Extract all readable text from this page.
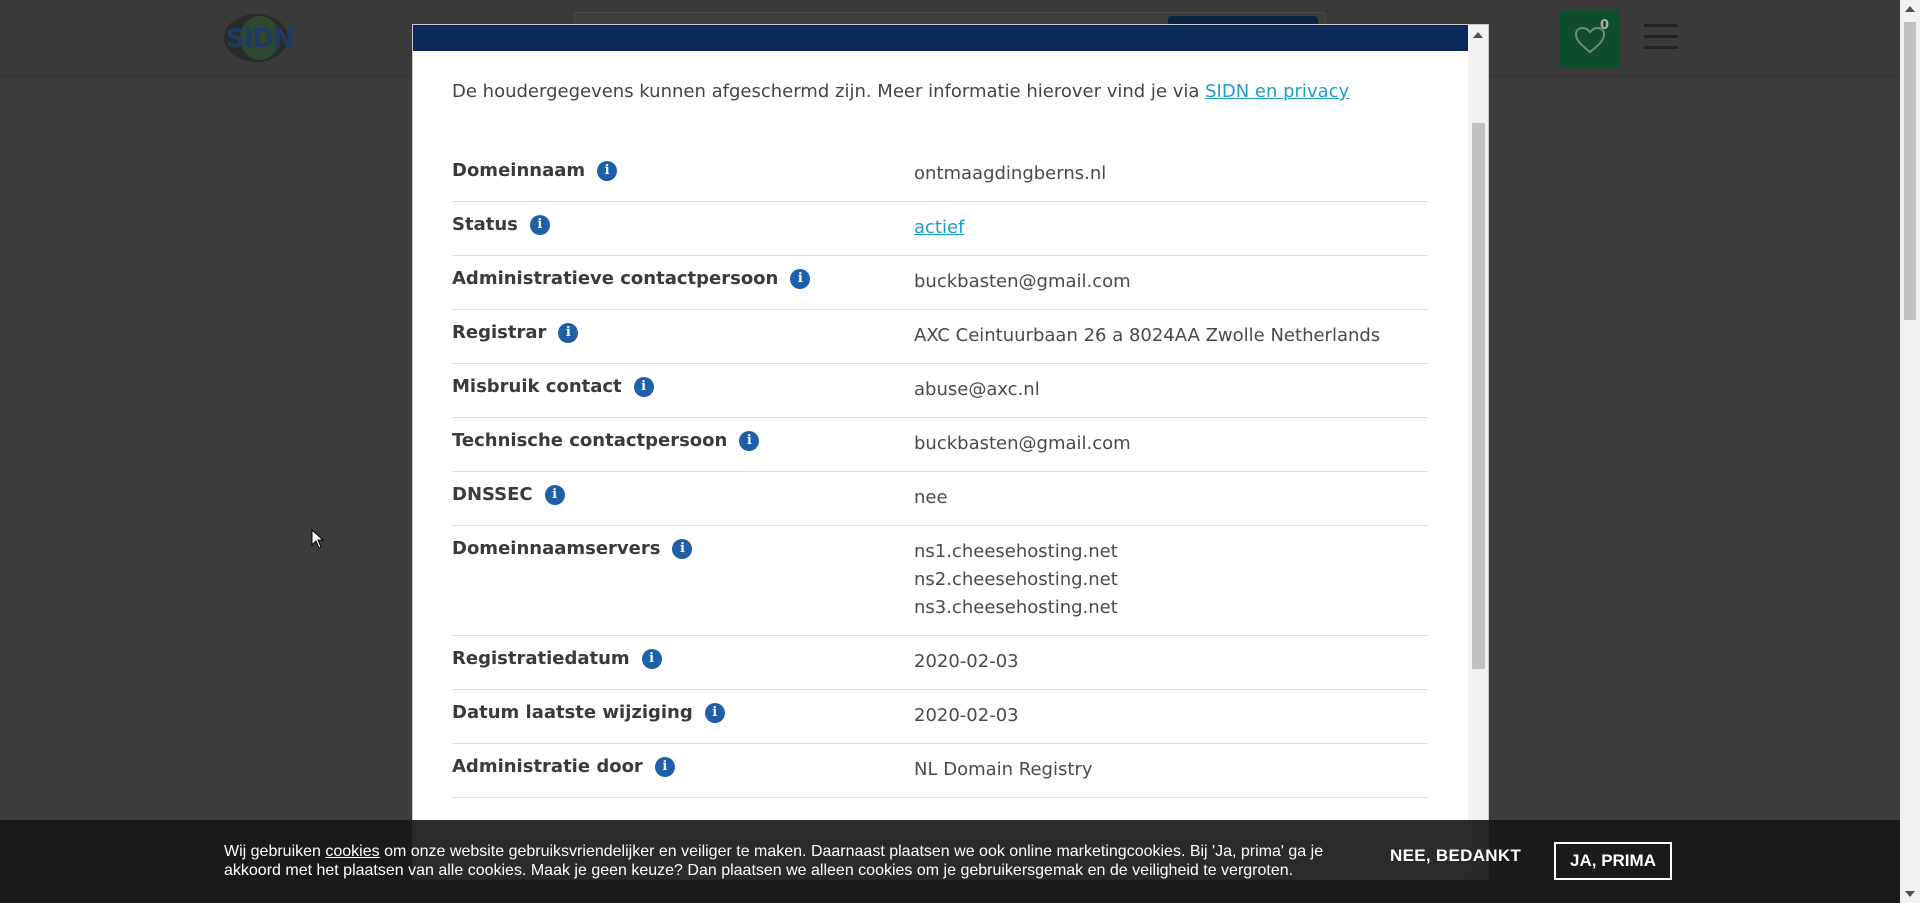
SIDN	0

De houdergegevens kunnen afgeschermd zijn. Meer informatie hierover vind je via SIDN en privacy

Domeinnaam	i	ontmaagdingberns.nl
Status	i	actief
Administratieve contactpersoon	i	buckbasten@gmail.com
Registrar	i	AXC Ceintuurbaan 26 a 8024AA Zwolle Netherlands
Misbruik contact	i	abuse@axc.nl
Technische contactpersoon	i	buckbasten@gmail.com
DNSSEC	i	nee
Domeinnaamservers	i	ns1.cheesehosting.net
ns2.cheesehosting.net
ns3.cheesehosting.net
Registratiedatum	i	2020-02-03
Datum laatste wijziging	i	2020-02-03
Administratie door	i	NL Domain Registry
Wij gebruiken cookies om onze website gebruiksvriendelijker en veiliger te maken. Daarnaast plaatsen we ook online marketingcookies. Bij 'Ja, prima' ga je akkoord met het plaatsen van alle cookies. Maak je geen keuze? Dan plaatsen we alleen cookies om je gebruikersgemak en de veiligheid te vergroten.
NEE, BEDANKT	JA, PRIMA
